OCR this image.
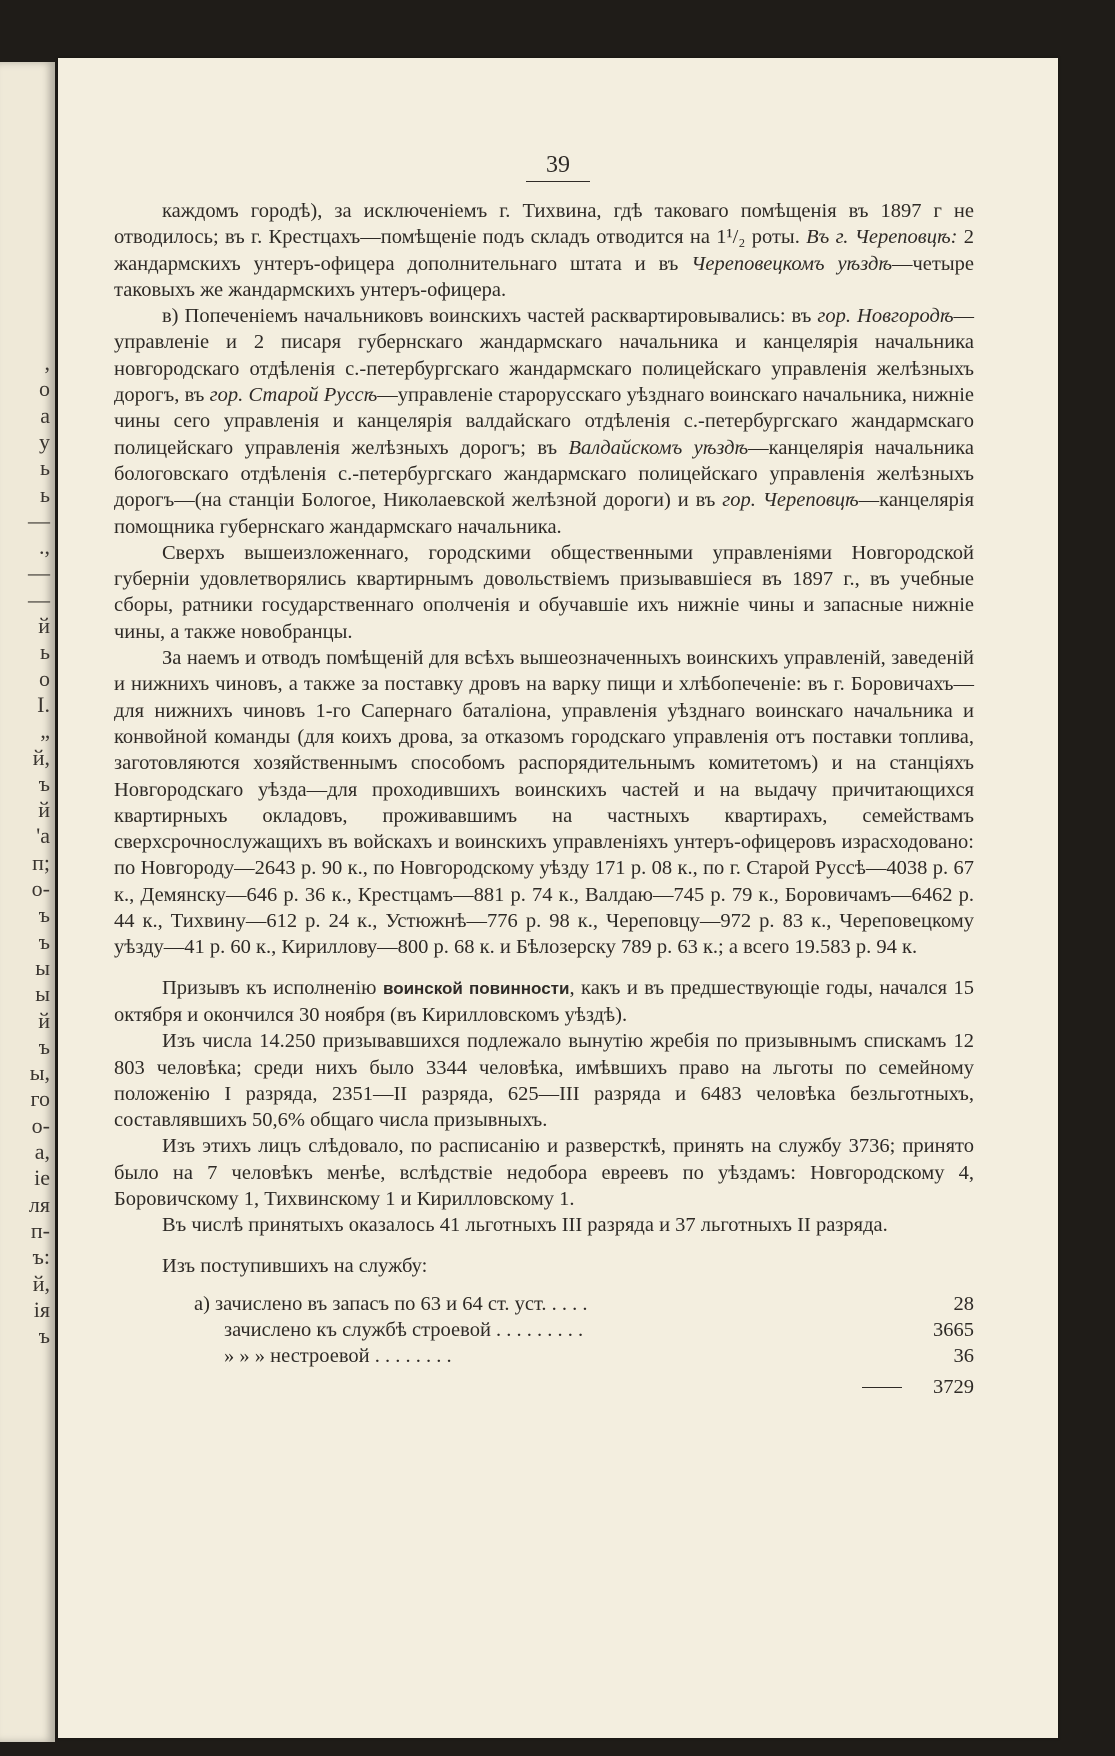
,
o
a
y
ь
ь
—
.,
—
—
й
ь
о
I.
„
й,
ъ
й
'a
п;
о-
ъ
ъ
ы
ы
й
ъ
ы,
го
о-
а,
iе
ля
п-
ъ:
й,
iя
ъ
39

каждомъ городѣ), за исключеніемъ г. Тихвина, гдѣ таковаго помѣщенія въ 1897 г не отводилось; въ г. Крестцахъ—помѣщеніе подъ складъ отводится на 1¹/₂ роты. Въ г. Череповцѣ: 2 жандармскихъ унтеръ-офицера дополнительнаго штата и въ Череповецкомъ уѣздѣ—четыре таковыхъ же жандармскихъ унтеръ-офицера.

в) Попеченіемъ начальниковъ воинскихъ частей расквартировывались: въ гор. Новгородѣ—управленіе и 2 писаря губернскаго жандармскаго начальника и канцелярія начальника новгородскаго отдѣленія с.-петербургскаго жандармскаго полицейскаго управленія желѣзныхъ дорогъ, въ гор. Старой Руссѣ—управленіе старорусскаго уѣзднаго воинскаго начальника, нижніе чины сего управленія и канцелярія валдайскаго отдѣленія с.-петербургскаго жандармскаго полицейскаго управленія желѣзныхъ дорогъ; въ Валдайскомъ уѣздѣ—канцелярія начальника бологовскаго отдѣленія с.-петербургскаго жандармскаго полицейскаго управленія желѣзныхъ дорогъ—(на станціи Бологое, Николаевской желѣзной дороги) и въ гор. Череповцѣ—канцелярія помощника губернскаго жандармскаго начальника.

Сверхъ вышеизложеннаго, городскими общественными управленіями Новгородской губерніи удовлетворялись квартирнымъ довольствіемъ призывавшіеся въ 1897 г., въ учебные сборы, ратники государственнаго ополченія и обучавшіе ихъ нижніе чины и запасные нижніе чины, а также новобранцы.

За наемъ и отводъ помѣщеній для всѣхъ вышеозначенныхъ воинскихъ управленій, заведеній и нижнихъ чиновъ, а также за поставку дровъ на варку пищи и хлѣбопеченіе: въ г. Боровичахъ—для нижнихъ чиновъ 1-го Сапернаго баталіона, управленія уѣзднаго воинскаго начальника и конвойной команды (для коихъ дрова, за отказомъ городскаго управленія отъ поставки топлива, заготовляются хозяйственнымъ способомъ распорядительнымъ комитетомъ) и на станціяхъ Новгородскаго уѣзда—для проходившихъ воинскихъ частей и на выдачу причитающихся квартирныхъ окладовъ, проживавшимъ на частныхъ квартирахъ, семействамъ сверхсрочнослужащихъ въ войскахъ и воинскихъ управленіяхъ унтеръ-офицеровъ израсходовано: по Новгороду—2643 р. 90 к., по Новгородскому уѣзду 171 р. 08 к., по г. Старой Руссѣ—4038 р. 67 к., Демянску—646 р. 36 к., Крестцамъ—881 р. 74 к., Валдаю—745 р. 79 к., Боровичамъ—6462 р. 44 к., Тихвину—612 р. 24 к., Устюжнѣ—776 р. 98 к., Череповцу—972 р. 83 к., Череповецкому уѣзду—41 р. 60 к., Кириллову—800 р. 68 к. и Бѣлозерску 789 р. 63 к.; а всего 19.583 р. 94 к.

Призывъ къ исполненію воинской повинности, какъ и въ предшествующіе годы, начался 15 октября и окончился 30 ноября (въ Кирилловскомъ уѣздѣ).

Изъ числа 14.250 призывавшихся подлежало вынутію жребія по призывнымъ спискамъ 12 803 человѣка; среди нихъ было 3344 человѣка, имѣвшихъ право на льготы по семейному положенію I разряда, 2351—II разряда, 625—III разряда и 6483 человѣка безльготныхъ, составлявшихъ 50,6% общаго числа призывныхъ.

Изъ этихъ лицъ слѣдовало, по расписанію и разверсткѣ, принять на службу 3736; принято было на 7 человѣкъ менѣе, вслѣдствіе недобора евреевъ по уѣздамъ: Новгородскому 4, Боровичскому 1, Тихвинскому 1 и Кирилловскому 1.

Въ числѣ принятыхъ оказалось 41 льготныхъ III разряда и 37 льготныхъ II разряда.

Изъ поступившихъ на службу:

а) зачислено въ запасъ по 63 и 64 ст. уст. . . . .	28
зачислено къ службѣ строевой . . . . . . . . .	3665
» » » нестроевой . . . . . . . .	36
3729
